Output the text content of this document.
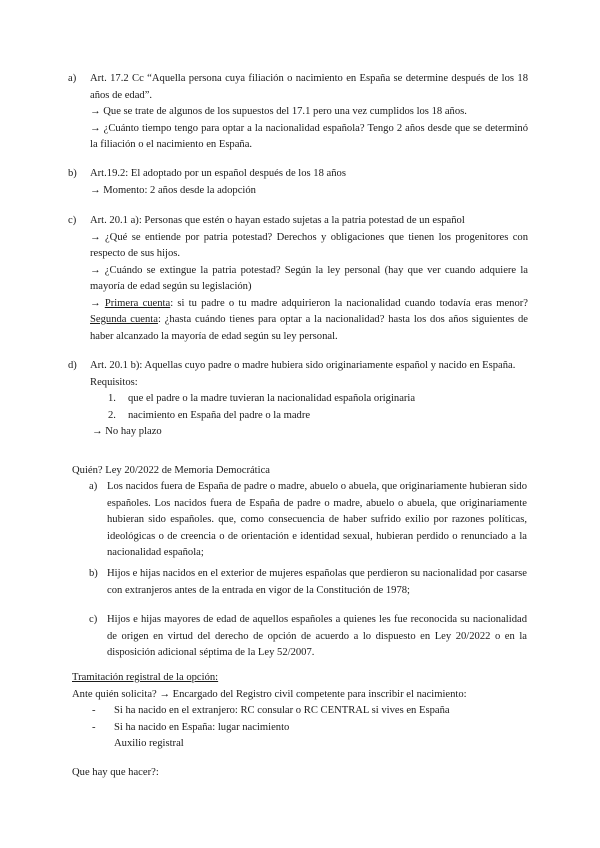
a) Art. 17.2 Cc “Aquella persona cuya filiación o nacimiento en España se determine después de los 18 años de edad”.

→ Que se trate de algunos de los supuestos del 17.1 pero una vez cumplidos los 18 años.

→ ¿Cuánto tiempo tengo para optar a la nacionalidad española? Tengo 2 años desde que se determinó la filiación o el nacimiento en España.

b) Art.19.2: El adoptado por un español después de los 18 años

→ Momento: 2 años desde la adopción

c) Art. 20.1 a): Personas que estén o hayan estado sujetas a la patria potestad de un español

→ ¿Qué se entiende por patria potestad? Derechos y obligaciones que tienen los progenitores con respecto de sus hijos.

→ ¿Cuándo se extingue la patria potestad? Según la ley personal (hay que ver cuando adquiere la mayoría de edad según su legislación)

→ Primera cuenta: si tu padre o tu madre adquirieron la nacionalidad cuando todavía eras menor? Segunda cuenta: ¿hasta cuándo tienes para optar a la nacionalidad? hasta los dos años siguientes de haber alcanzado la mayoría de edad según su ley personal.

d) Art. 20.1 b): Aquellas cuyo padre o madre hubiera sido originariamente español y nacido en España.

Requisitos:

1. que el padre o la madre tuvieran la nacionalidad española originaria

2. nacimiento en España del padre o la madre

→ No hay plazo

Quién? Ley 20/2022 de Memoria Democrática

a) Los nacidos fuera de España de padre o madre, abuelo o abuela, que originariamente hubieran sido españoles. Los nacidos fuera de España de padre o madre, abuelo o abuela, que originariamente hubieran sido españoles. que, como consecuencia de haber sufrido exilio por razones políticas, ideológicas o de creencia o de orientación e identidad sexual, hubieran perdido o renunciado a la nacionalidad española;

b) Hijos e hijas nacidos en el exterior de mujeres españolas que perdieron su nacionalidad por casarse con extranjeros antes de la entrada en vigor de la Constitución de 1978;

c) Hijos e hijas mayores de edad de aquellos españoles a quienes les fue reconocida su nacionalidad de origen en virtud del derecho de opción de acuerdo a lo dispuesto en Ley 20/2022 o en la disposición adicional séptima de la Ley 52/2007.

Tramitación registral de la opción:

Ante quién solicita? → Encargado del Registro civil competente para inscribir el nacimiento:

- Si ha nacido en el extranjero: RC consular o RC CENTRAL si vives en España

- Si ha nacido en España: lugar nacimiento

Auxilio registral

Que hay que hacer?:
